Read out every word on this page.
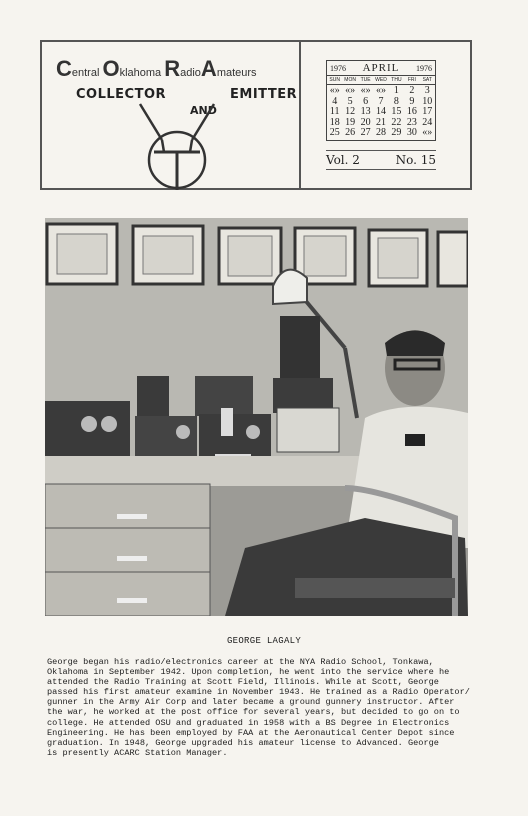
Central Oklahoma RadioAmateurs
COLLECTOR
AND
EMITTER
1976 APRIL 1976
SUN MON TUE WED THU	FRI	SAT
«» «» «» «» 1	2	3
4	5	6	7	8	9 10
11 12 13 14 15 16 17
18 19 20 21 22 23 24
25 26 27 28 29 30 «»
Vol. 2	No. 15
GEORGE LAGALY

George began his radio/electronics career at the NYA Radio School, Tonkawa,
Oklahoma in September 1942. Upon completion, he went into the service where he
attended the Radio Training at Scott Field, Illinois. While at Scott, George
passed his first amateur examine in November 1943. He trained as a Radio Operator/
gunner in the Army Air Corp and later became a ground gunnery instructor. After
the war, he worked at the post office for several years, but decided to go on to
college. He attended OSU and graduated in 1958 with a BS Degree in Electronics
Engineering. He has been employed by FAA at the Aeronautical Center Depot since
graduation. In 1948, George upgraded his amateur license to Advanced. George
is presently ACARC Station Manager.
